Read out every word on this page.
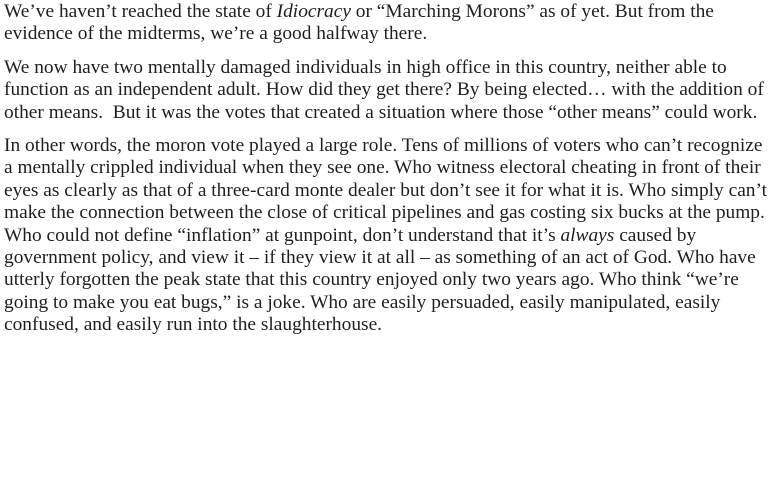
We’ve haven’t reached the state of Idiocracy or “Marching Morons” as of yet. But from the evidence of the midterms, we’re a good halfway there.

We now have two mentally damaged individuals in high office in this country, neither able to function as an independent adult. How did they get there? By being elected… with the addition of other means.  But it was the votes that created a situation where those “other means” could work.

In other words, the moron vote played a large role. Tens of millions of voters who can’t recognize a mentally crippled individual when they see one. Who witness electoral cheating in front of their eyes as clearly as that of a three-card monte dealer but don’t see it for what it is. Who simply can’t make the connection between the close of critical pipelines and gas costing six bucks at the pump. Who could not define “inflation” at gunpoint, don’t understand that it’s always caused by government policy, and view it – if they view it at all – as something of an act of God. Who have utterly forgotten the peak state that this country enjoyed only two years ago. Who think “we’re going to make you eat bugs,” is a joke. Who are easily persuaded, easily manipulated, easily confused, and easily run into the slaughterhouse.
